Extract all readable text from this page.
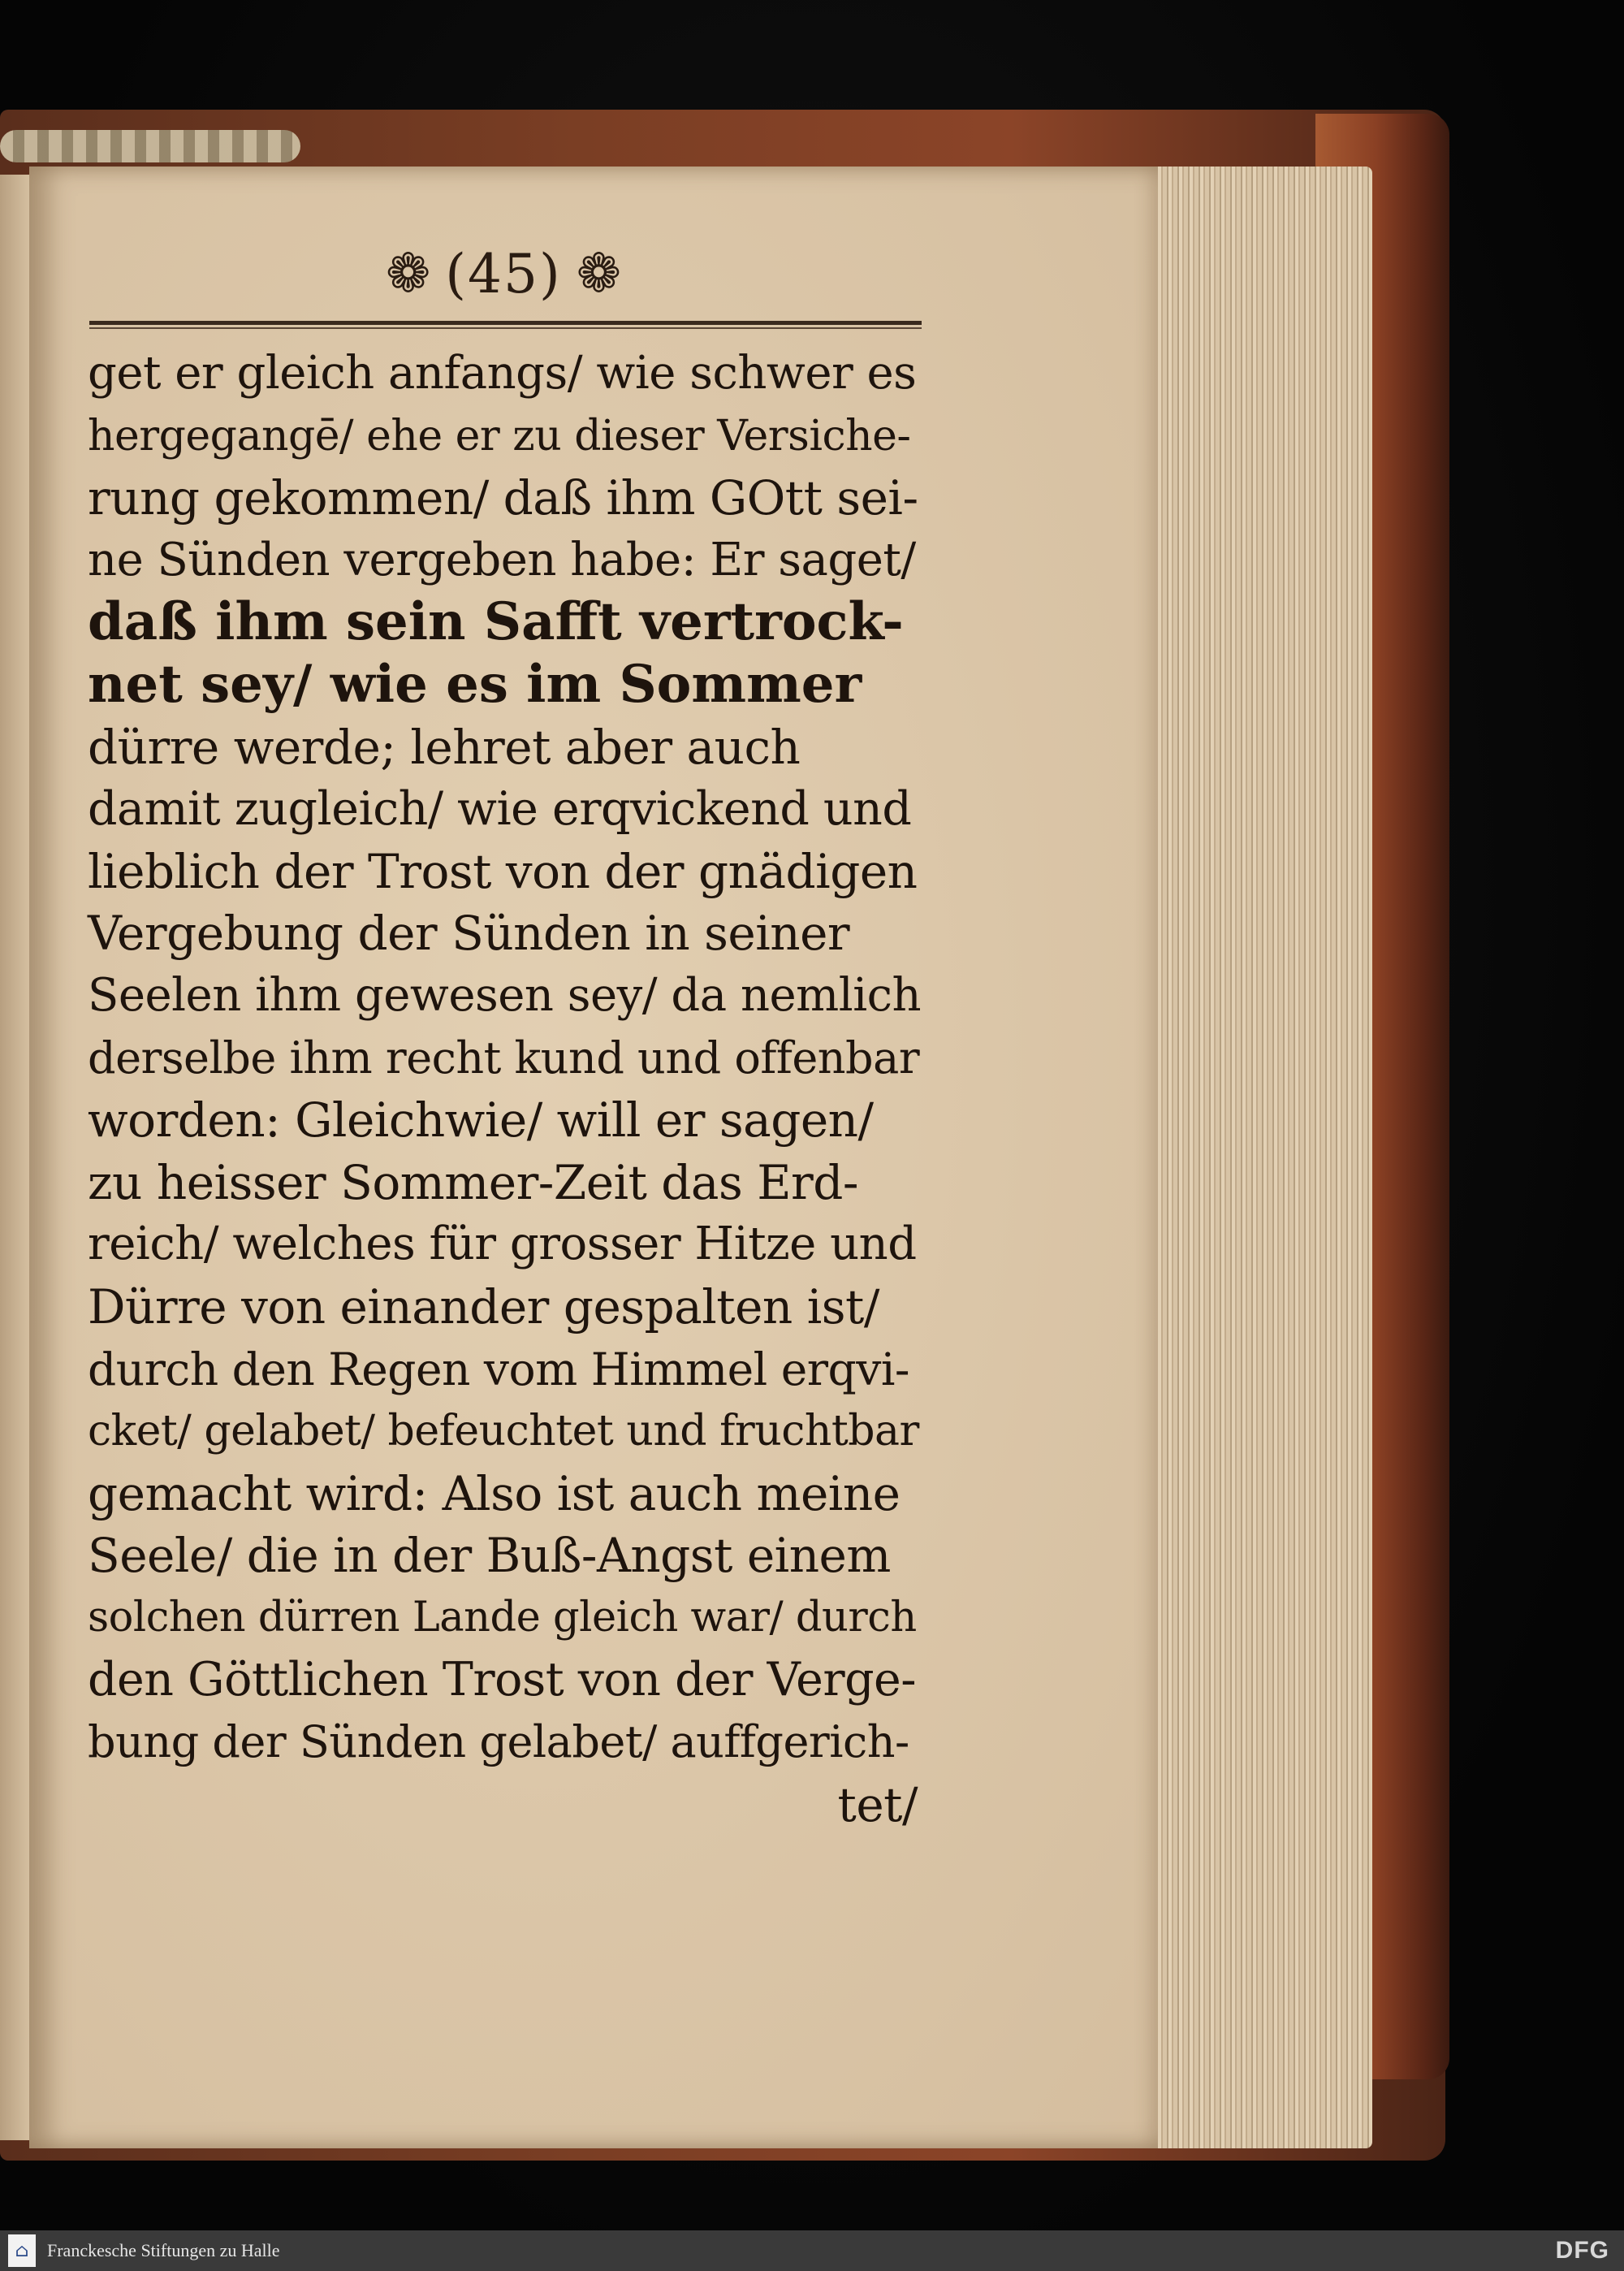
❁ (45) ❁
get er gleich anfangs/ wie schwer es
hergegangē/ ehe er zu dieser Versiche-
rung gekommen/ daß ihm GOtt sei-
ne Sünden vergeben habe: Er saget/
daß ihm sein Safft vertrock-
net sey/ wie es im Sommer
dürre werde; lehret aber auch
damit zugleich/ wie erqvickend und
lieblich der Trost von der gnädigen
Vergebung der Sünden in seiner
Seelen ihm gewesen sey/ da nemlich
derselbe ihm recht kund und offenbar
worden: Gleichwie/ will er sagen/
zu heisser Sommer-Zeit das Erd-
reich/ welches für grosser Hitze und
Dürre von einander gespalten ist/
durch den Regen vom Himmel erqvi-
cket/ gelabet/ befeuchtet und fruchtbar
gemacht wird: Also ist auch meine
Seele/ die in der Buß-Angst einem
solchen dürren Lande gleich war/ durch
den Göttlichen Trost von der Verge-
bung der Sünden gelabet/ auffgerich-
tet/
⌂	Franckesche Stiftungen zu Halle	DFG
